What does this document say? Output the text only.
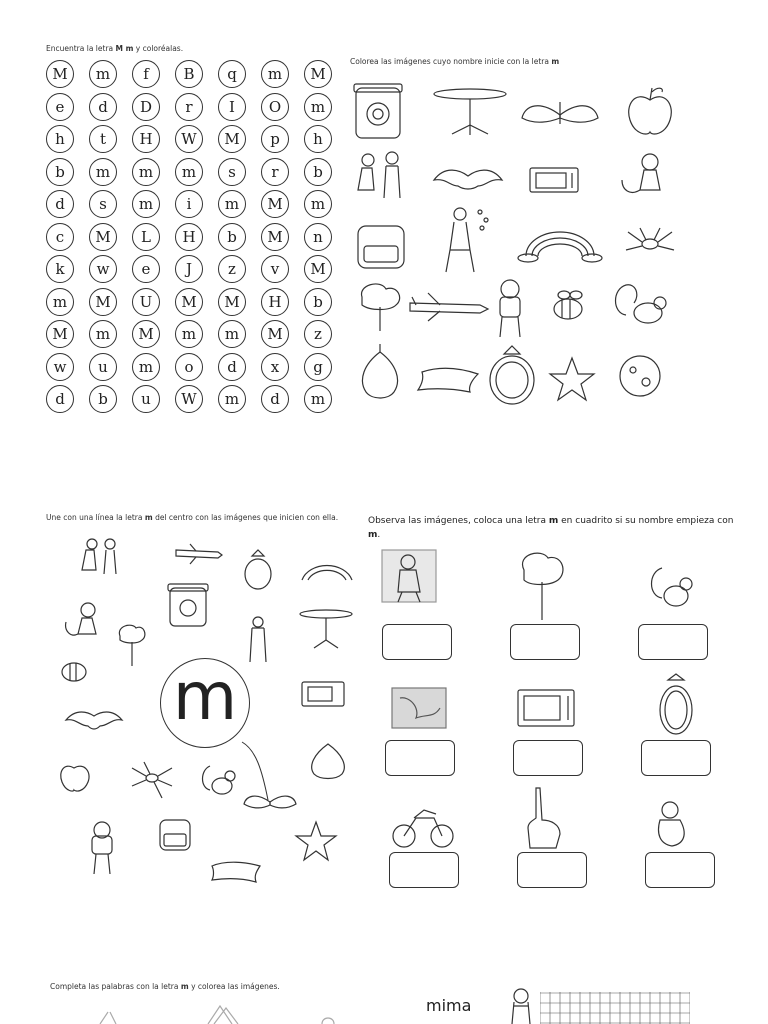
Encuentra la letra M m y coloréalas.
M	m	f	B	q	m	M
e	d	D	r	I	O	m
h	t	H	W	M	p	h
b	m	m	m	s	r	b
d	s	m	i	m	M	m
c	M	L	H	b	M	n
k	w	e	J	z	v	M
m	M	U	M	M	H	b
M	m	M	m	m	M	z
w	u	m	o	d	x	g
d	b	u	W	m	d	m
Colorea las imágenes cuyo nombre inicie con la letra m
Une con una línea la letra m del centro con las imágenes que inicien con ella.
m
Observa las imágenes, coloca una letra m en cuadrito si su nombre empieza con m.
Completa las palabras con la letra m y colorea las imágenes.
mima
